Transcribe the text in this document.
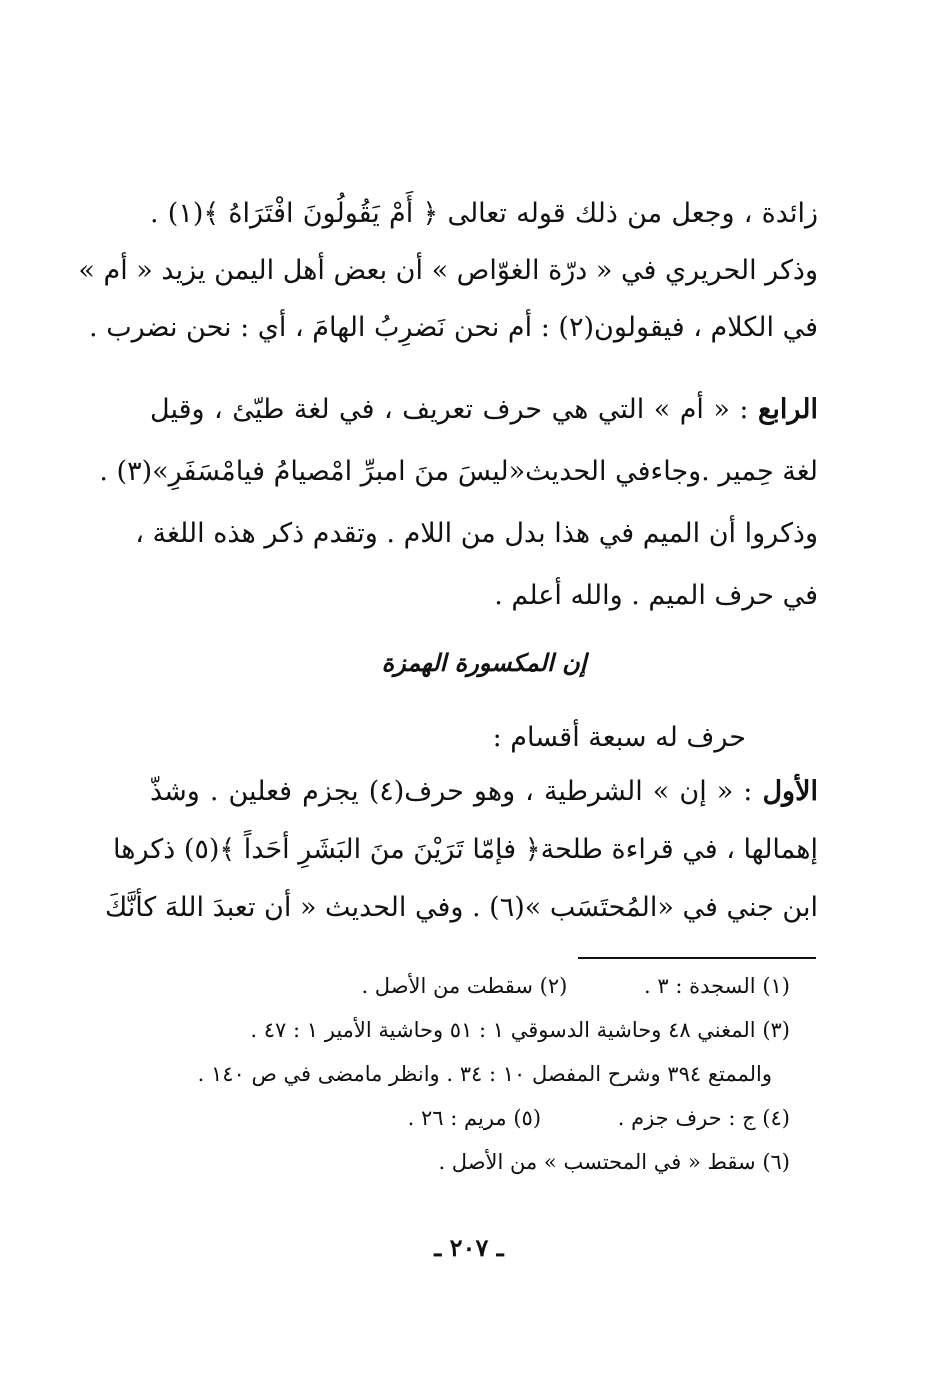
زائدة ، وجعل من ذلك قوله تعالى ﴿ أَمْ يَقُولُونَ افْتَرَاهُ ﴾(١) .
وذكر الحريري في « درّة الغوّاص » أن بعض أهل اليمن يزيد « أم »
في الكلام ، فيقولون(٢) : أم نحن نَضرِبُ الهامَ ، أي : نحن نضرب .
الرابع : « أم » التي هي حرف تعريف ، في لغة طيّئ ، وقيل
لغة حِمير .وجاءفي الحديث«ليسَ منَ امبرِّ امْصيامُ فيامْسَفَرِ»(٣) .
وذكروا أن الميم في هذا بدل من اللام . وتقدم ذكر هذه اللغة ،
في حرف الميم . والله أعلم .
إن المكسورة الهمزة
حرف له سبعة أقسام :
الأول : « إن » الشرطية ، وهو حرف(٤) يجزم فعلين . وشذّ
إهمالها ، في قراءة طلحة﴿ فإمّا تَرَيْنَ منَ البَشَرِ أحَداً ﴾(٥) ذكرها
ابن جني في «المُحتَسَب »(٦) . وفي الحديث « أن تعبدَ اللهَ كأنَّكَ
(١) السجدة : ٣ . (٢) سقطت من الأصل .
(٣) المغني ٤٨ وحاشية الدسوقي ١ : ٥١ وحاشية الأمير ١ : ٤٧ .
والممتع ٣٩٤ وشرح المفصل ١٠ : ٣٤ . وانظر مامضى في ص ١٤٠ .
(٤) ج : حرف جزم . (٥) مريم : ٢٦ .
(٦) سقط « في المحتسب » من الأصل .
ـ ٢٠٧ ـ
